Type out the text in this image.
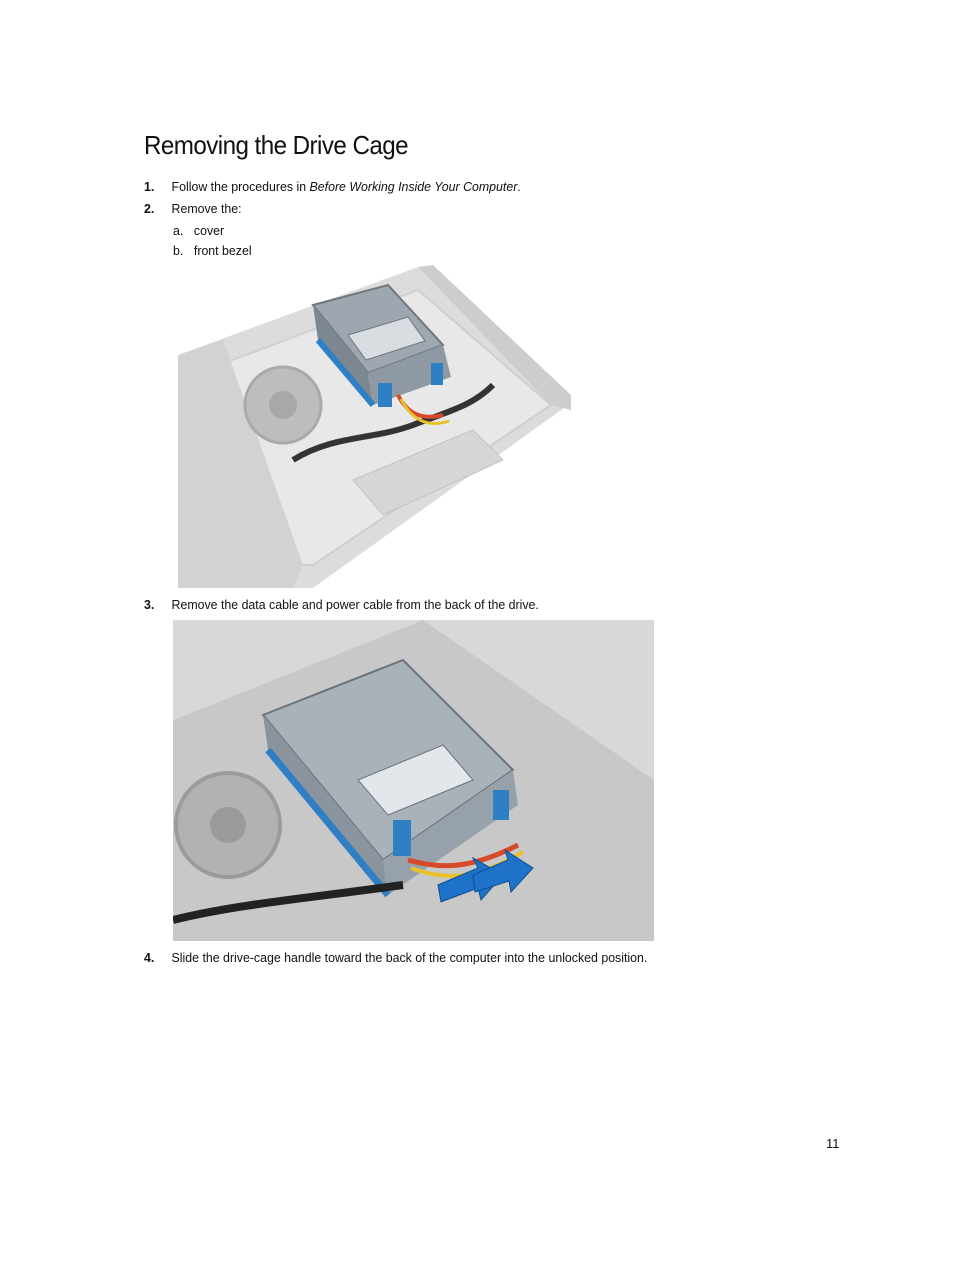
Removing the Drive Cage
1. Follow the procedures in Before Working Inside Your Computer.
2. Remove the:
a. cover
b. front bezel
3. Remove the data cable and power cable from the back of the drive.
4. Slide the drive-cage handle toward the back of the computer into the unlocked position.
11
